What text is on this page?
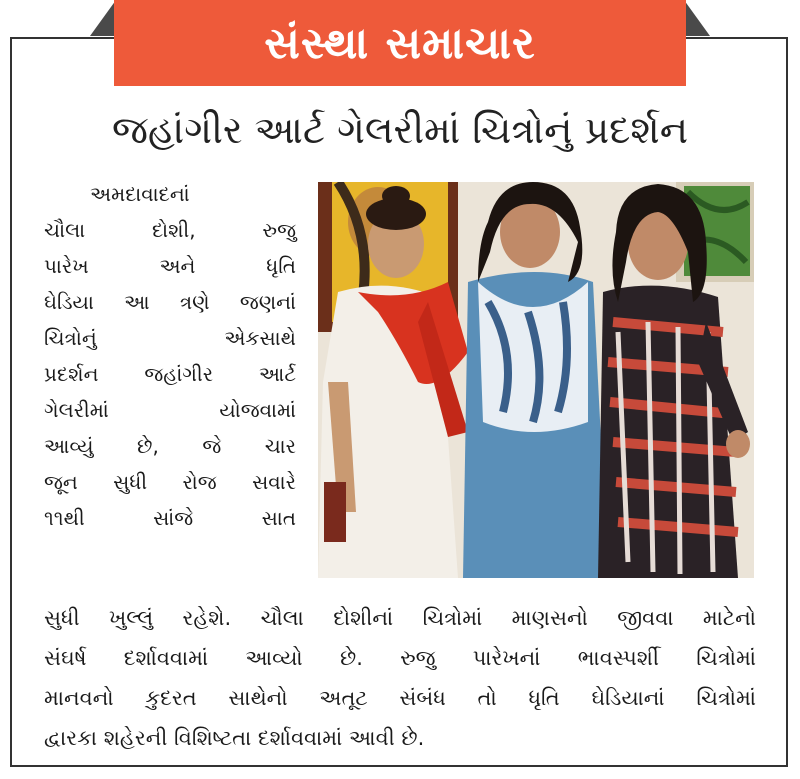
સંસ્થા સમાચાર
જહાંગીર આર્ટ ગેલરીમાં ચિત્રોનું પ્રદર્શન
અમદાવાદનાં
ચૌલા દોશી, રુજુ
પારેખ અને ધૃતિ
ઘેડિયા આ ત્રણે જણનાં
ચિત્રોનું એકસાથે
પ્રદર્શન જહાંગીર આર્ટ
ગેલરીમાં યોજવામાં
આવ્યું છે, જે ચાર
જૂન સુધી રોજ સવારે
૧૧થી સાંજે સાત
સુધી ખુલ્લું રહેશે. ચૌલા દોશીનાં ચિત્રોમાં માણસનો જીવવા માટેનો
સંઘર્ષ દર્શાવવામાં આવ્યો છે. રુજુ પારેખનાં ભાવસ્પર્શી ચિત્રોમાં
માનવનો કુદરત સાથેનો અતૂટ સંબંધ તો ધૃતિ ઘેડિયાનાં ચિત્રોમાં
દ્વારકા શહેરની વિશિષ્ટતા દર્શાવવામાં આવી છે.
